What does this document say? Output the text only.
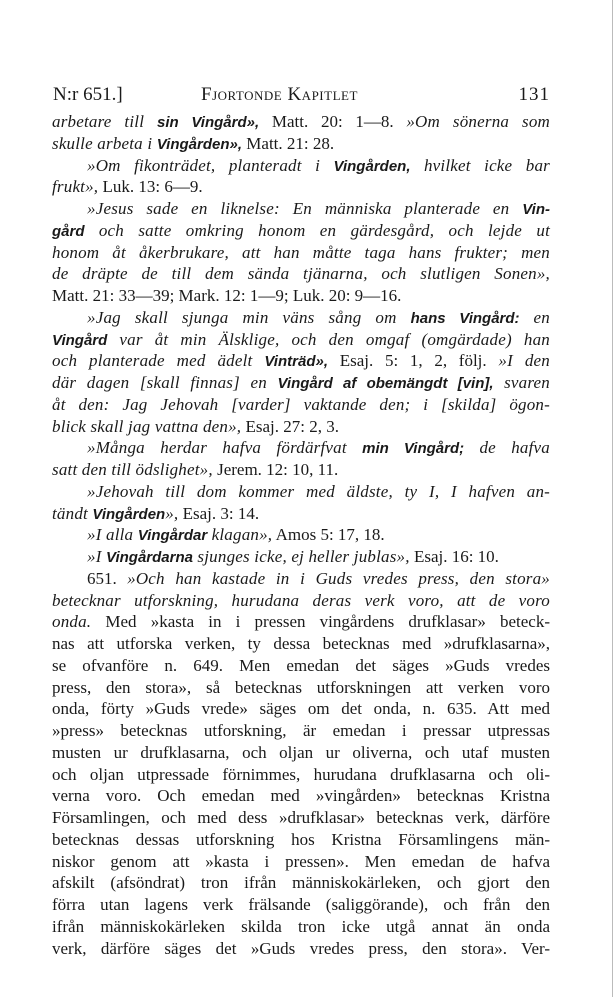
N:r 651.]	Fjortonde Kapitlet	131
arbetare till sin Vingård», Matt. 20: 1—8. »Om sönerna som
skulle arbeta i Vingården», Matt. 21: 28.
»Om fikonträdet, planteradt i Vingården, hvilket icke bar
frukt», Luk. 13: 6—9.
»Jesus sade en liknelse: En människa planterade en Vin-
gård och satte omkring honom en gärdesgård, och lejde ut
honom åt åkerbrukare, att han måtte taga hans frukter; men
de dräpte de till dem sända tjänarna, och slutligen Sonen»,
Matt. 21: 33—39; Mark. 12: 1—9; Luk. 20: 9—16.
»Jag skall sjunga min väns sång om hans Vingård: en
Vingård var åt min Älsklige, och den omgaf (omgärdade) han
och planterade med ädelt Vinträd», Esaj. 5: 1, 2, följ. »I den
där dagen [skall finnas] en Vingård af obemängdt [vin], svaren
åt den: Jag Jehovah [varder] vaktande den; i [skilda] ögon-
blick skall jag vattna den», Esaj. 27: 2, 3.
»Många herdar hafva fördärfvat min Vingård; de hafva
satt den till ödslighet», Jerem. 12: 10, 11.
»Jehovah till dom kommer med äldste, ty I, I hafven an-
tändt Vingården», Esaj. 3: 14.
»I alla Vingårdar klagan», Amos 5: 17, 18.
»I Vingårdarna sjunges icke, ej heller jublas», Esaj. 16: 10.
651. »Och han kastade in i Guds vredes press, den stora»
betecknar utforskning, hurudana deras verk voro, att de voro
onda. Med »kasta in i pressen vingårdens drufklasar» beteck-
nas att utforska verken, ty dessa betecknas med »drufklasarna»,
se ofvanföre n. 649. Men emedan det säges »Guds vredes
press, den stora», så betecknas utforskningen att verken voro
onda, förty »Guds vrede» säges om det onda, n. 635. Att med
»press» betecknas utforskning, är emedan i pressar utpressas
musten ur drufklasarna, och oljan ur oliverna, och utaf musten
och oljan utpressade förnimmes, hurudana drufklasarna och oli-
verna voro. Och emedan med »vingården» betecknas Kristna
Församlingen, och med dess »drufklasar» betecknas verk, därföre
betecknas dessas utforskning hos Kristna Församlingens män-
niskor genom att »kasta i pressen». Men emedan de hafva
afskilt (afsöndrat) tron ifrån människokärleken, och gjort den
förra utan lagens verk frälsande (saliggörande), och från den
ifrån människokärleken skilda tron icke utgå annat än onda
verk, därföre säges det »Guds vredes press, den stora». Ver-
